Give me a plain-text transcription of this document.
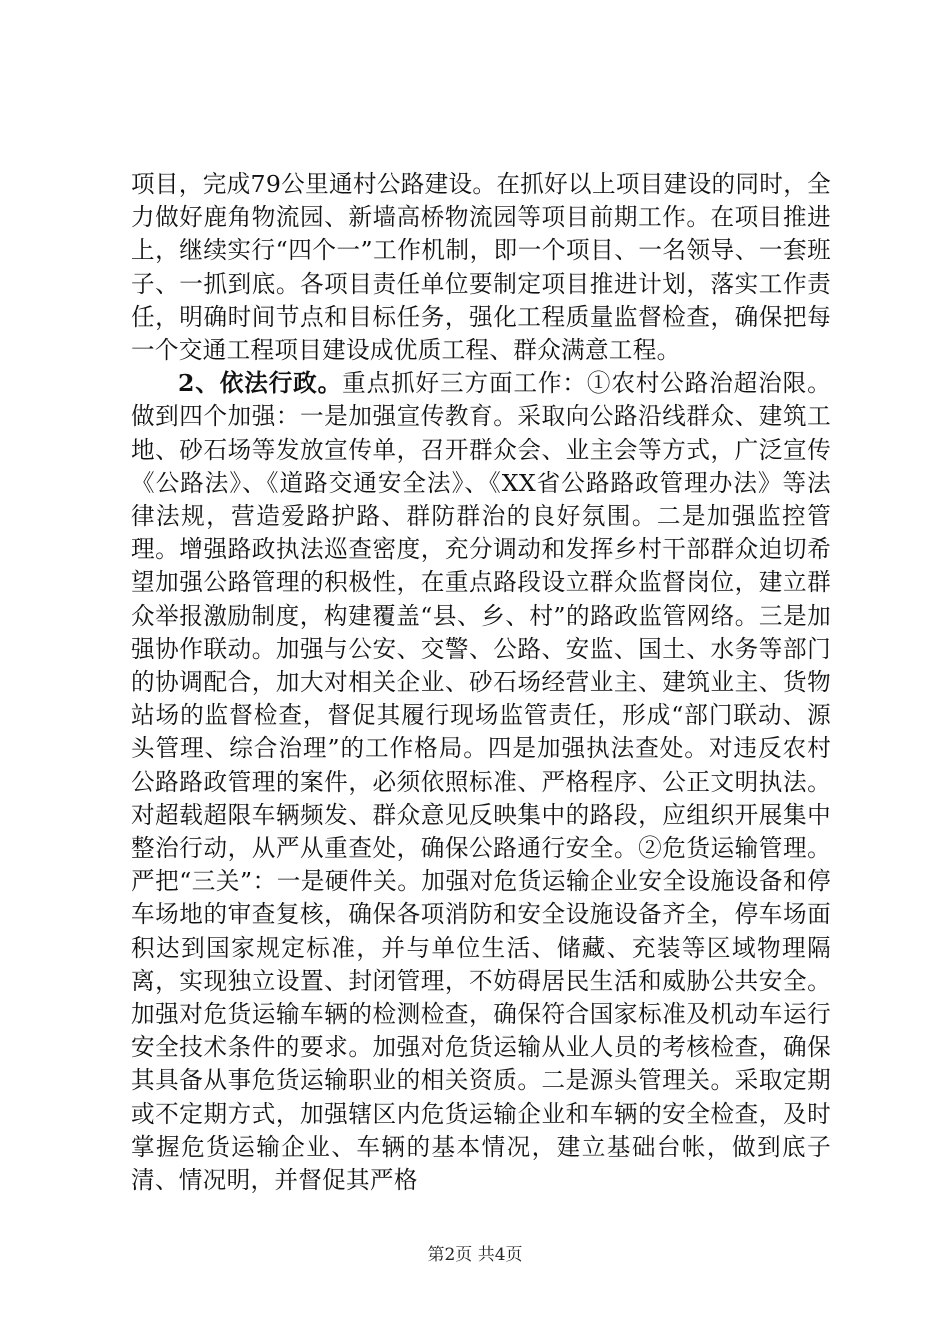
项目，完成79公里通村公路建设。在抓好以上项目建设的同时，全力做好鹿角物流园、新墙高桥物流园等项目前期工作。在项目推进上，继续实行“四个一”工作机制，即一个项目、一名领导、一套班子、一抓到底。各项目责任单位要制定项目推进计划，落实工作责任，明确时间节点和目标任务，强化工程质量监督检查，确保把每一个交通工程项目建设成优质工程、群众满意工程。

2、依法行政。重点抓好三方面工作：①农村公路治超治限。做到四个加强：一是加强宣传教育。采取向公路沿线群众、建筑工地、砂石场等发放宣传单，召开群众会、业主会等方式，广泛宣传《公路法》、《道路交通安全法》、《XX省公路路政管理办法》等法律法规，营造爱路护路、群防群治的良好氛围。二是加强监控管理。增强路政执法巡查密度，充分调动和发挥乡村干部群众迫切希望加强公路管理的积极性，在重点路段设立群众监督岗位，建立群众举报激励制度，构建覆盖“县、乡、村”的路政监管网络。三是加强协作联动。加强与公安、交警、公路、安监、国土、水务等部门的协调配合，加大对相关企业、砂石场经营业主、建筑业主、货物站场的监督检查，督促其履行现场监管责任，形成“部门联动、源头管理、综合治理”的工作格局。四是加强执法查处。对违反农村公路路政管理的案件，必须依照标准、严格程序、公正文明执法。对超载超限车辆频发、群众意见反映集中的路段，应组织开展集中整治行动，从严从重查处，确保公路通行安全。②危货运输管理。严把“三关”：一是硬件关。加强对危货运输企业安全设施设备和停车场地的审查复核，确保各项消防和安全设施设备齐全，停车场面积达到国家规定标准，并与单位生活、储藏、充装等区域物理隔离，实现独立设置、封闭管理，不妨碍居民生活和威胁公共安全。加强对危货运输车辆的检测检查，确保符合国家标准及机动车运行安全技术条件的要求。加强对危货运输从业人员的考核检查，确保其具备从事危货运输职业的相关资质。二是源头管理关。采取定期或不定期方式，加强辖区内危货运输企业和车辆的安全检查，及时掌握危货运输企业、车辆的基本情况，建立基础台帐，做到底子清、情况明，并督促其严格

第2页 共4页
